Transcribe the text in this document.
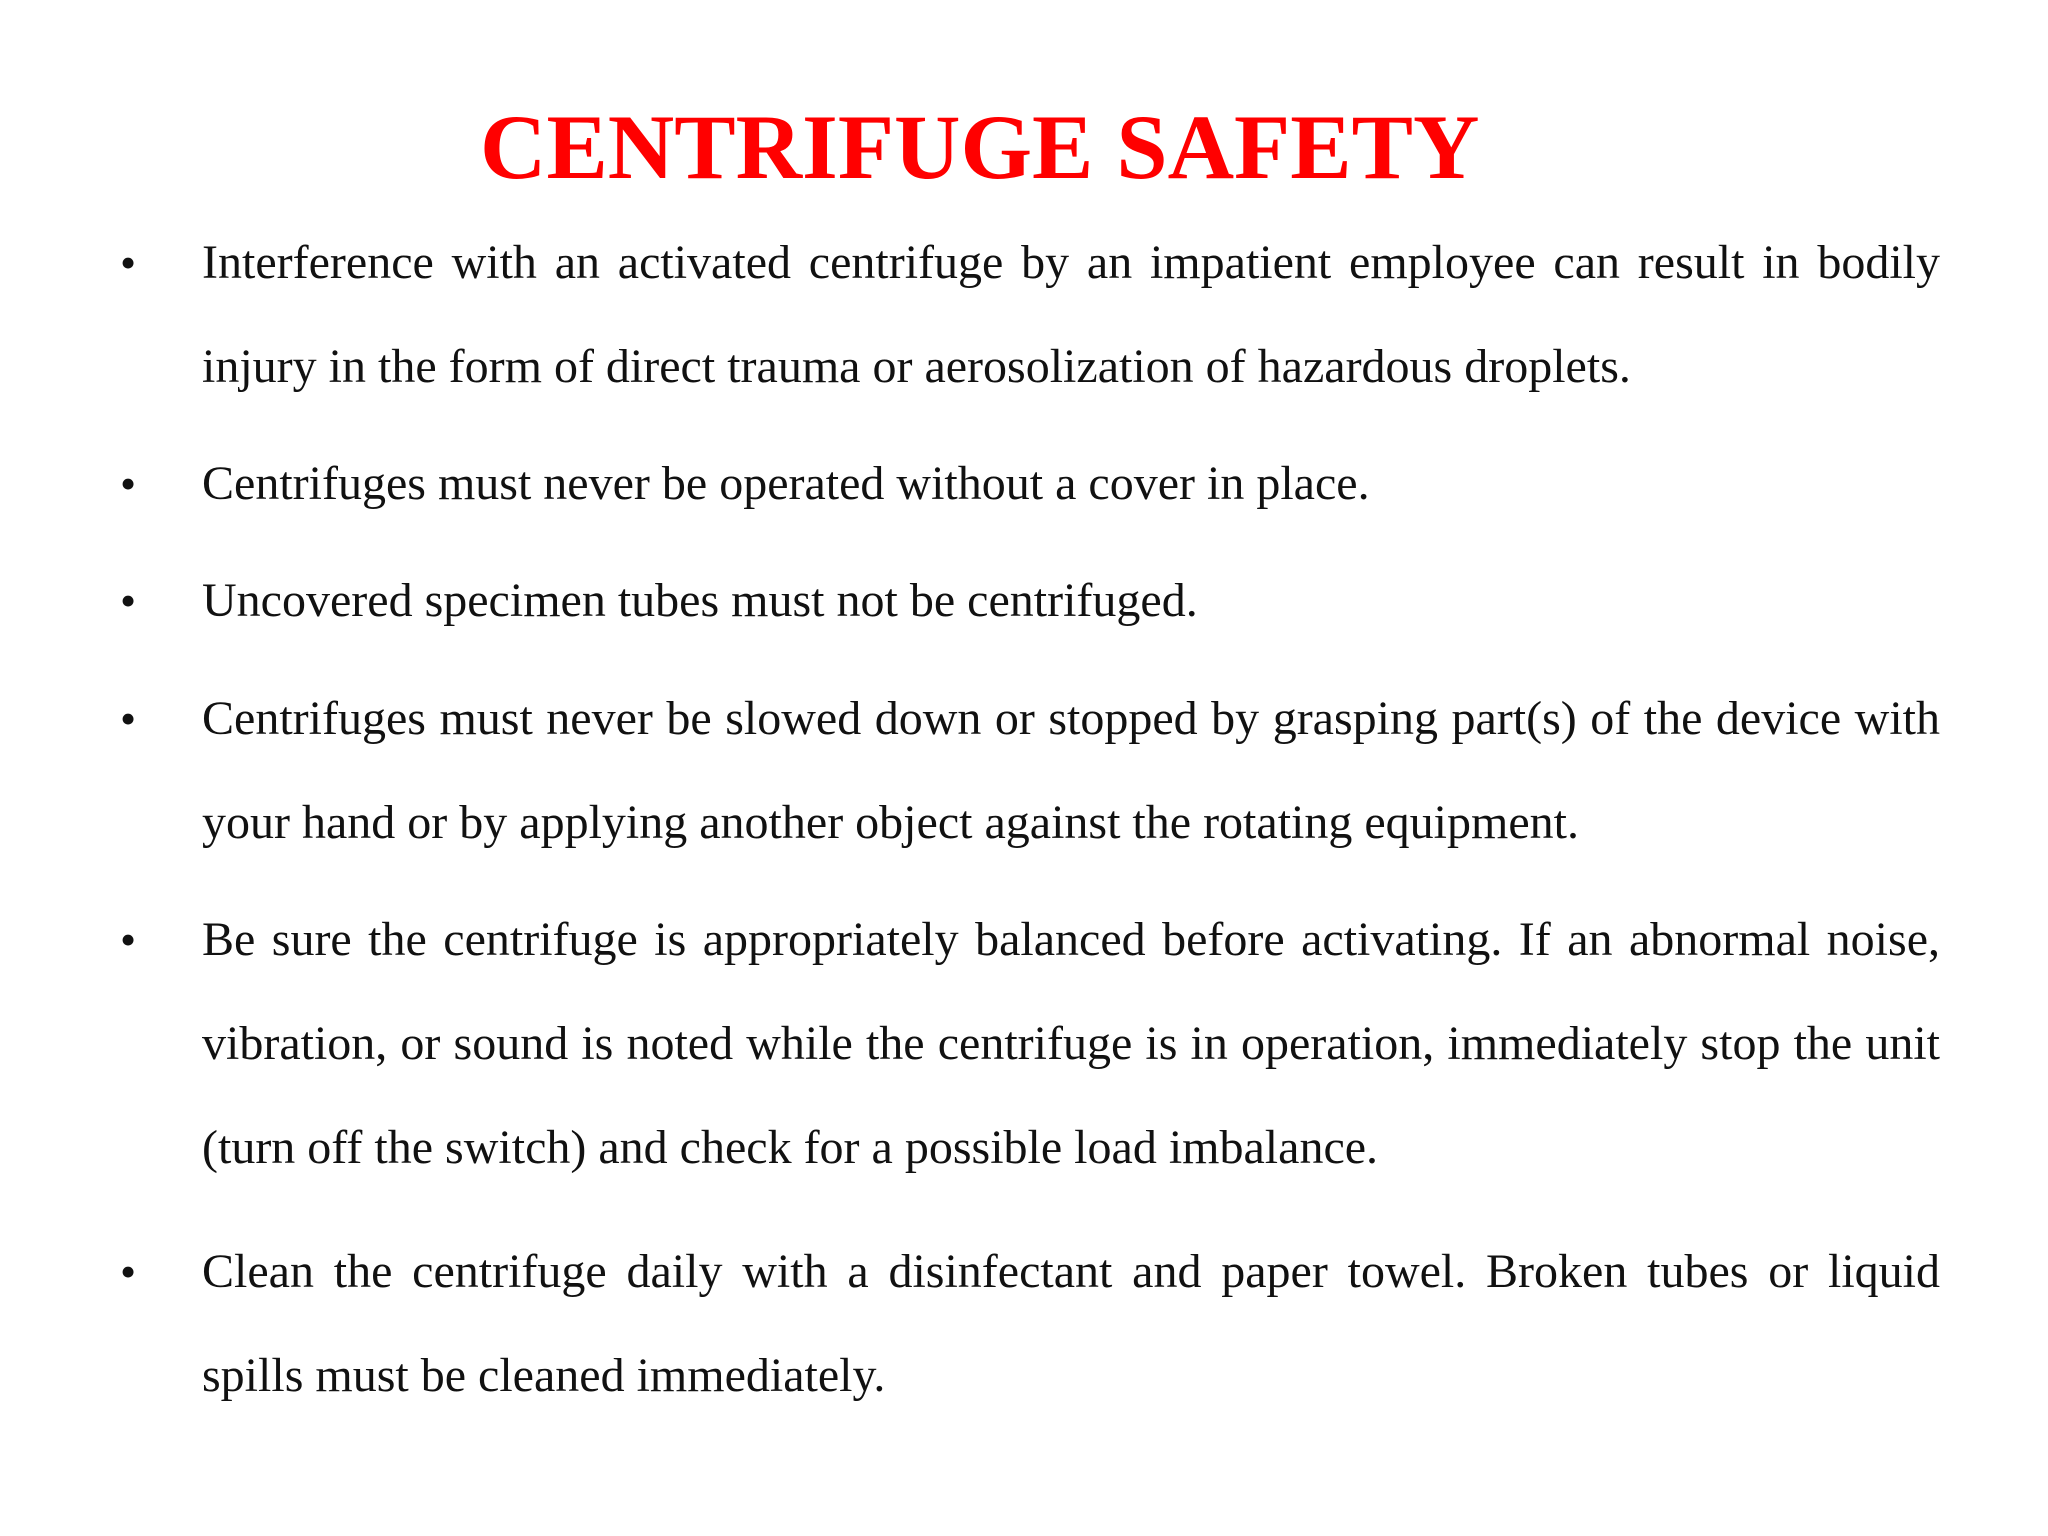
CENTRIFUGE SAFETY
•	Interference with an activated centrifuge by an impatient employee can result in bodily injury in the form of direct trauma or aerosolization of hazardous droplets.
•	Centrifuges must never be operated without a cover in place.
•	Uncovered specimen tubes must not be centrifuged.
•	Centrifuges must never be slowed down or stopped by grasping part(s) of the device with your hand or by applying another object against the rotating equipment.
•	Be sure the centrifuge is appropriately balanced before activating. If an abnormal noise, vibration, or sound is noted while the centrifuge is in operation, immediately stop the unit (turn off the switch) and check for a possible load imbalance.
•	Clean the centrifuge daily with a disinfectant and paper towel. Broken tubes or liquid spills must be cleaned immediately.
